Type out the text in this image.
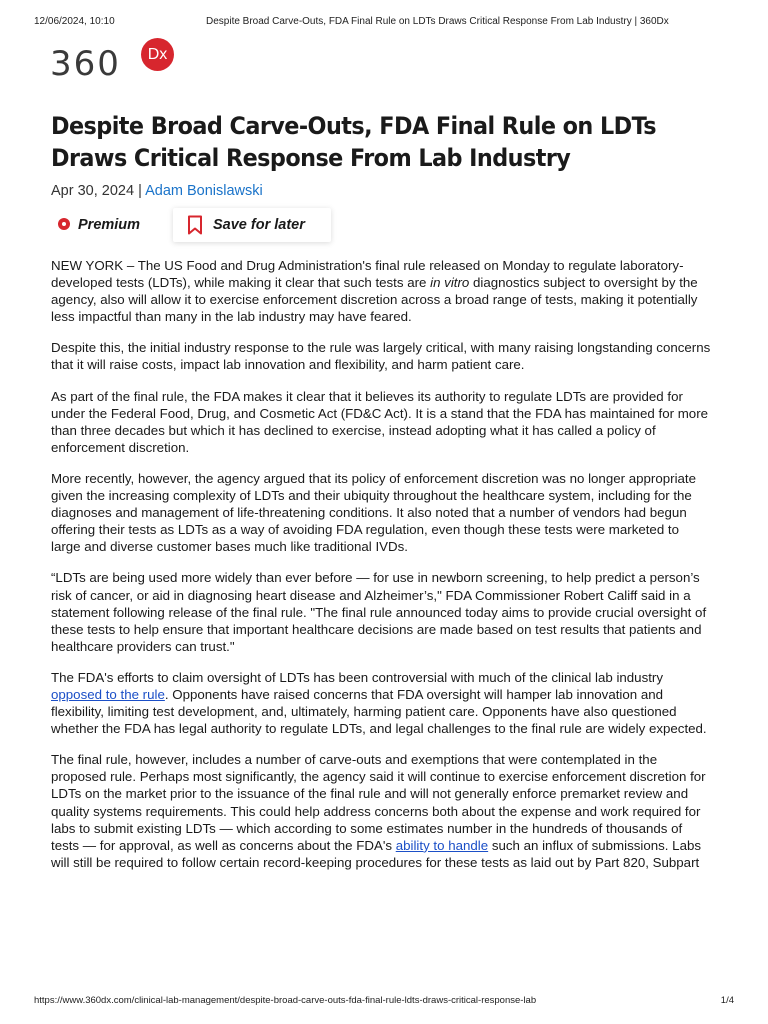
12/06/2024, 10:10	Despite Broad Carve-Outs, FDA Final Rule on LDTs Draws Critical Response From Lab Industry | 360Dx
360	Dx
Despite Broad Carve-Outs, FDA Final Rule on LDTs Draws Critical Response From Lab Industry
Apr 30, 2024 | Adam Bonislawski
Premium	Save for later

NEW YORK – The US Food and Drug Administration's final rule released on Monday to regulate laboratory-developed tests (LDTs), while making it clear that such tests are in vitro diagnostics subject to oversight by the agency, also will allow it to exercise enforcement discretion across a broad range of tests, making it potentially less impactful than many in the lab industry may have feared.

Despite this, the initial industry response to the rule was largely critical, with many raising longstanding concerns that it will raise costs, impact lab innovation and flexibility, and harm patient care.

As part of the final rule, the FDA makes it clear that it believes its authority to regulate LDTs are provided for under the Federal Food, Drug, and Cosmetic Act (FD&C Act). It is a stand that the FDA has maintained for more than three decades but which it has declined to exercise, instead adopting what it has called a policy of enforcement discretion.

More recently, however, the agency argued that its policy of enforcement discretion was no longer appropriate given the increasing complexity of LDTs and their ubiquity throughout the healthcare system, including for the diagnoses and management of life-threatening conditions. It also noted that a number of vendors had begun offering their tests as LDTs as a way of avoiding FDA regulation, even though these tests were marketed to large and diverse customer bases much like traditional IVDs.

“LDTs are being used more widely than ever before — for use in newborn screening, to help predict a person’s risk of cancer, or aid in diagnosing heart disease and Alzheimer’s," FDA Commissioner Robert Califf said in a statement following release of the final rule. "The final rule announced today aims to provide crucial oversight of these tests to help ensure that important healthcare decisions are made based on test results that patients and healthcare providers can trust."

The FDA's efforts to claim oversight of LDTs has been controversial with much of the clinical lab industry opposed to the rule. Opponents have raised concerns that FDA oversight will hamper lab innovation and flexibility, limiting test development, and, ultimately, harming patient care. Opponents have also questioned whether the FDA has legal authority to regulate LDTs, and legal challenges to the final rule are widely expected.

The final rule, however, includes a number of carve-outs and exemptions that were contemplated in the proposed rule. Perhaps most significantly, the agency said it will continue to exercise enforcement discretion for LDTs on the market prior to the issuance of the final rule and will not generally enforce premarket review and quality systems requirements. This could help address concerns both about the expense and work required for labs to submit existing LDTs — which according to some estimates number in the hundreds of thousands of tests — for approval, as well as concerns about the FDA's ability to handle such an influx of submissions. Labs will still be required to follow certain record-keeping procedures for these tests as laid out by Part 820, Subpart

https://www.360dx.com/clinical-lab-management/despite-broad-carve-outs-fda-final-rule-ldts-draws-critical-response-lab	1/4
